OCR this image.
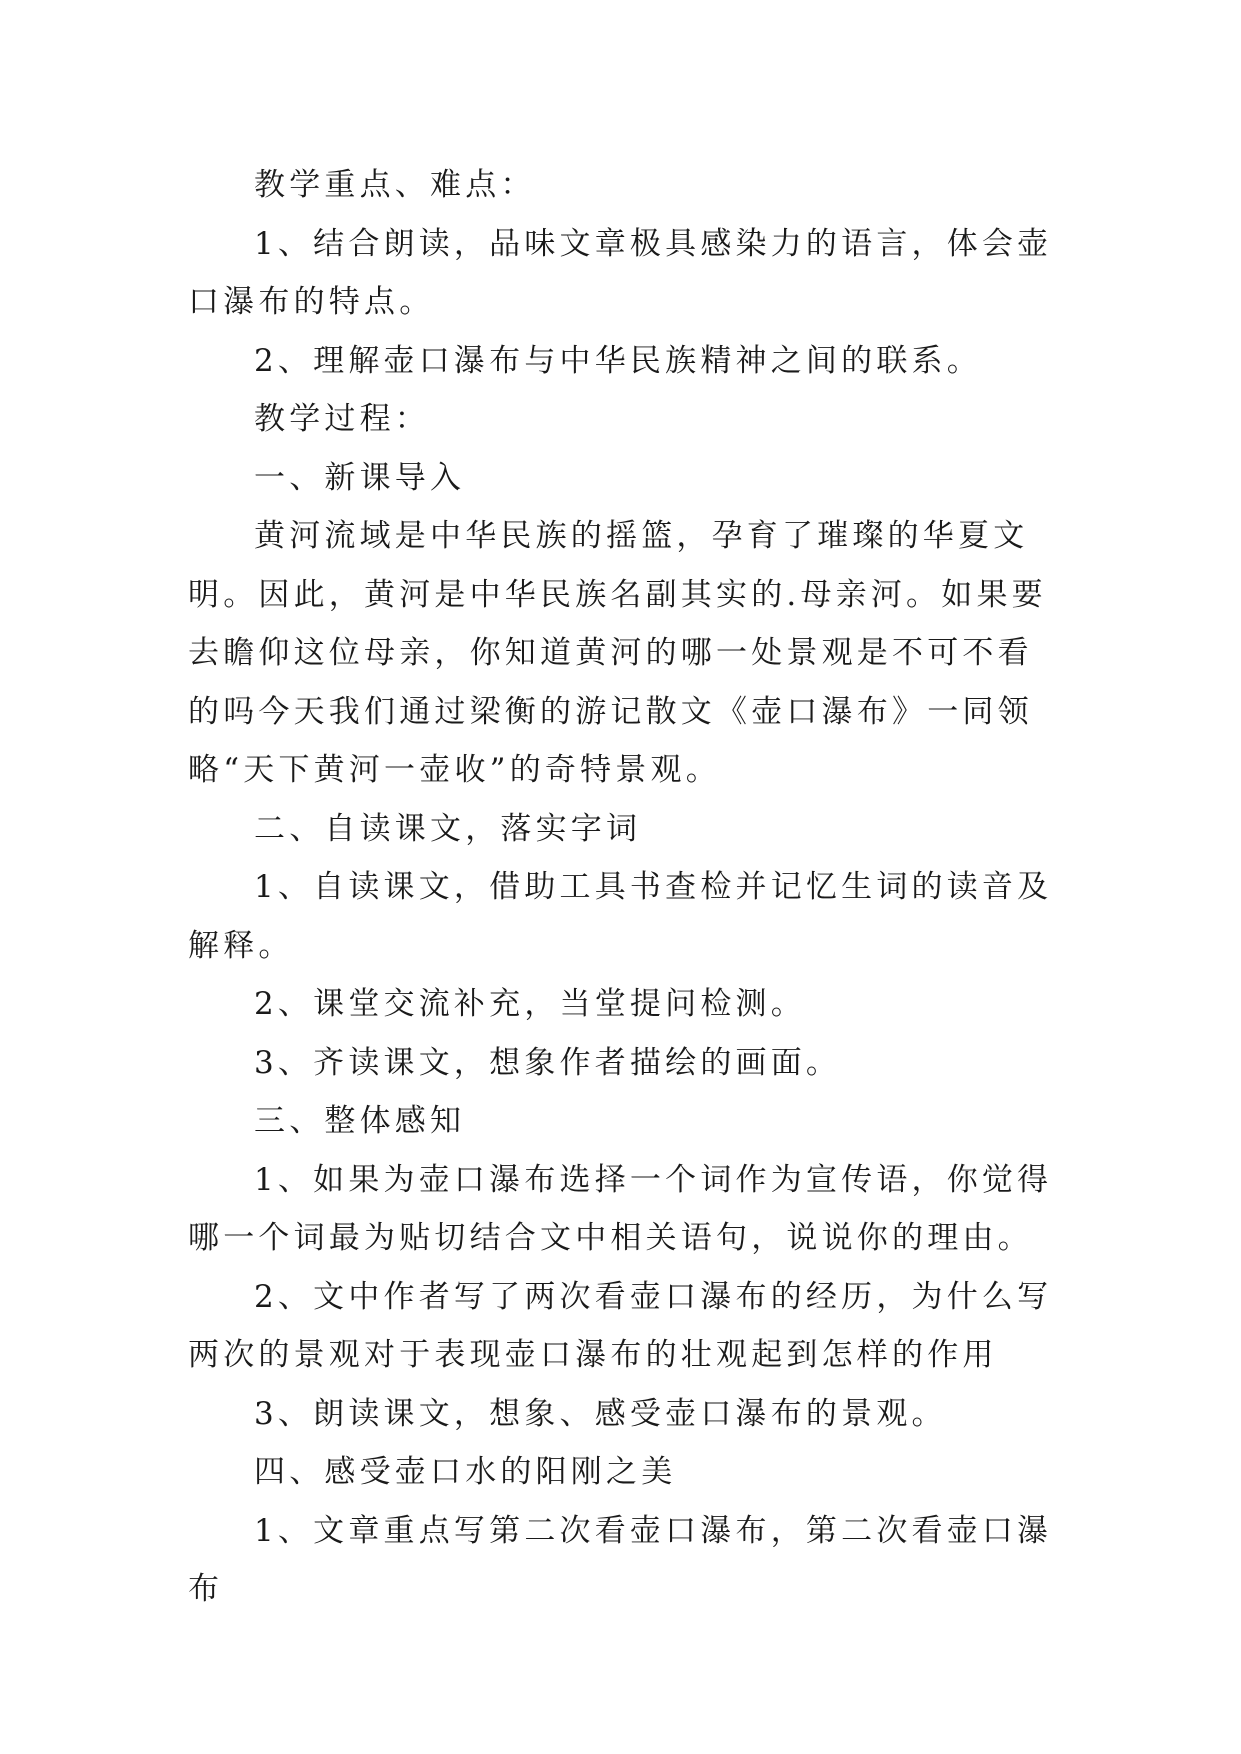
教学重点、难点：

1、结合朗读，品味文章极具感染力的语言，体会壶口瀑布的特点。

2、理解壶口瀑布与中华民族精神之间的联系。

教学过程：

一、新课导入

黄河流域是中华民族的摇篮，孕育了璀璨的华夏文明。因此，黄河是中华民族名副其实的.母亲河。如果要去瞻仰这位母亲，你知道黄河的哪一处景观是不可不看的吗今天我们通过梁衡的游记散文《壶口瀑布》一同领略“天下黄河一壶收”的奇特景观。

二、自读课文，落实字词

1、自读课文，借助工具书查检并记忆生词的读音及解释。

2、课堂交流补充，当堂提问检测。

3、齐读课文，想象作者描绘的画面。

三、整体感知

1、如果为壶口瀑布选择一个词作为宣传语，你觉得哪一个词最为贴切结合文中相关语句，说说你的理由。

2、文中作者写了两次看壶口瀑布的经历，为什么写两次的景观对于表现壶口瀑布的壮观起到怎样的作用

3、朗读课文，想象、感受壶口瀑布的景观。

四、感受壶口水的阳刚之美

1、文章重点写第二次看壶口瀑布，第二次看壶口瀑布
